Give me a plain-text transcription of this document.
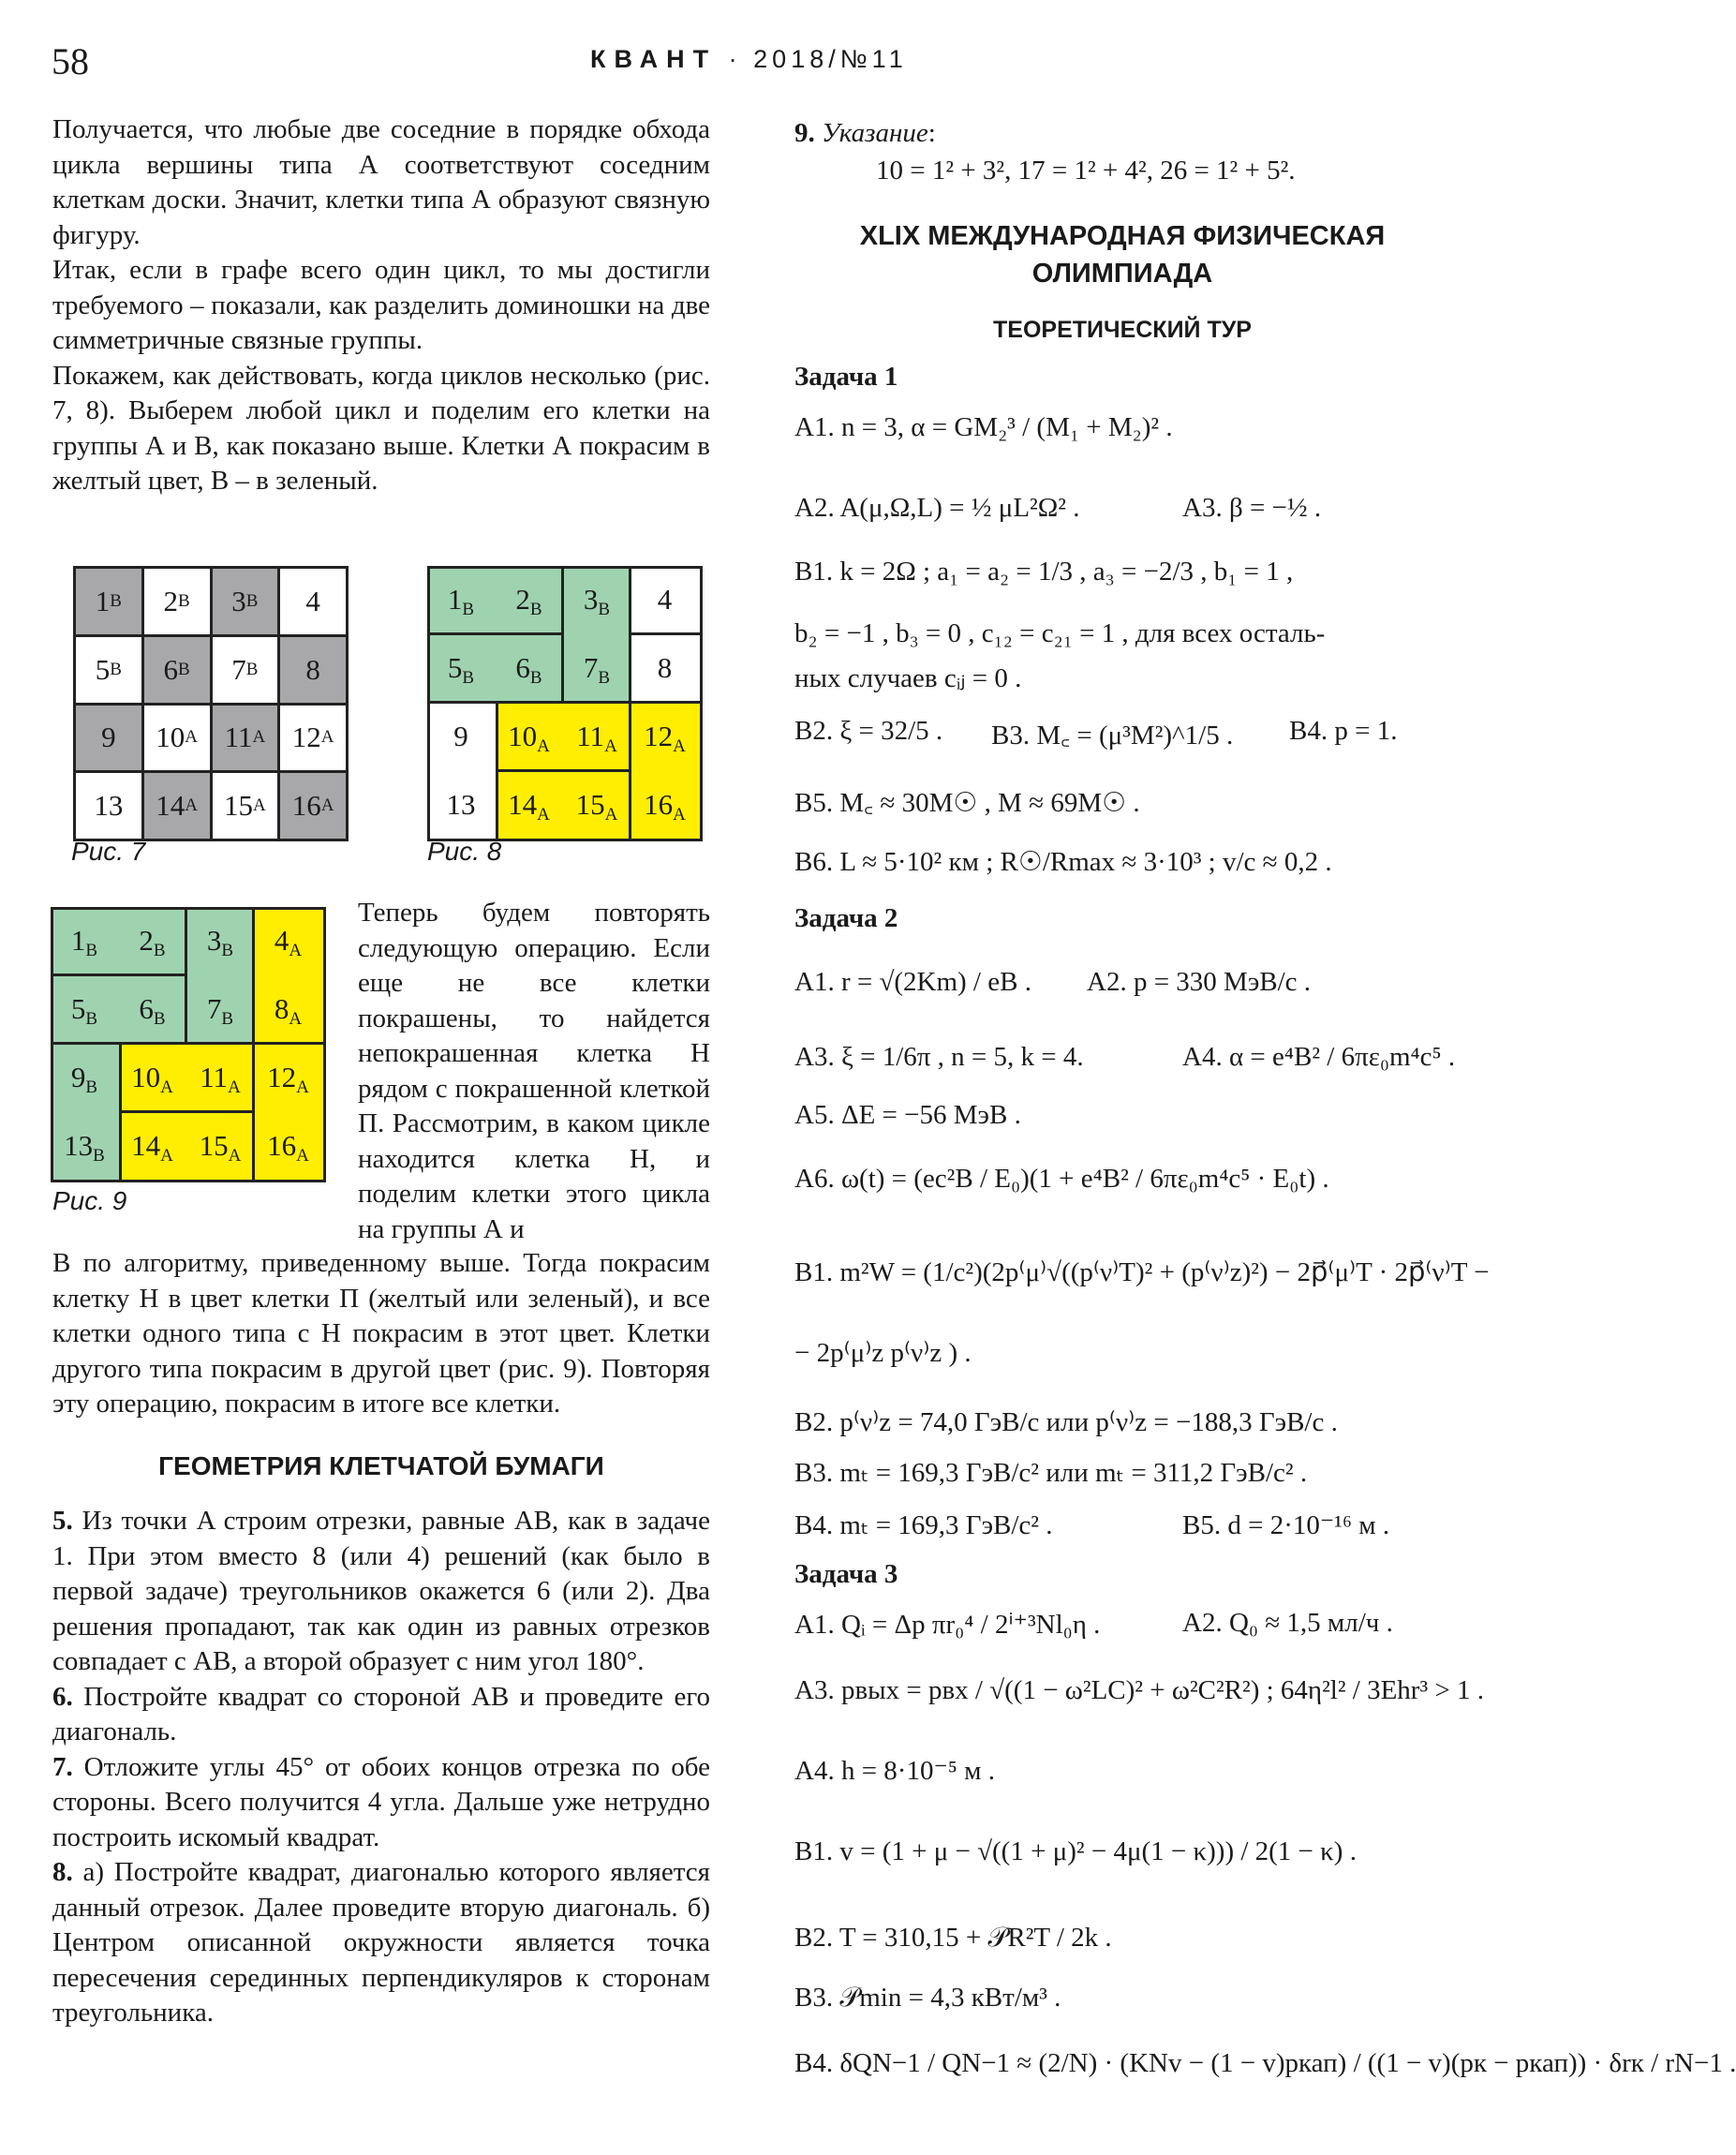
58	КВАНТ · 2018/№11

Получается, что любые две соседние в порядке обхода цикла вершины типа А соответствуют соседним клеткам доски. Значит, клетки типа А образуют связную фигуру.

Итак, если в графе всего один цикл, то мы достигли требуемого – показали, как разделить доминошки на две симметричные связные группы.

Покажем, как действовать, когда циклов несколько (рис. 7, 8). Выберем любой цикл и поделим его клетки на группы А и В, как показано выше. Клетки А покрасим в желтый цвет, В – в зеленый.

1 В	2 В	3 В	4
5 В	6 В	7 В	8
9	10 А 11 А 12 А
13	14 А 15 А 16 А
Рис. 7
$1_В$	$2_В$	$3_В$	4
$5_В$	$6_В$	$7_В$	8
9	$10_А$ $11_А$ $12_А$
13	$14_А$ $15_А$ $16_А$
Рис. 8
$1_В$	$2_В$	$3_В$	$4_А$
$5_В$	$6_В$	$7_В$	$8_А$
$9_В$	$10_А$ $11_А$ $12_А$
$13_В$ $14_А$ $15_А$ $16_А$
Рис. 9

Теперь будем повторять следующую операцию. Если еще не все клетки покрашены, то найдется непокрашенная клетка Н рядом с покрашенной клеткой П. Рассмотрим, в каком цикле находится клетка Н, и поделим клетки этого цикла на группы А и

В по алгоритму, приведенному выше. Тогда покрасим клетку Н в цвет клетки П (желтый или зеленый), и все клетки одного типа с Н покрасим в этот цвет. Клетки другого типа покрасим в другой цвет (рис. 9). Повторяя эту операцию, покрасим в итоге все клетки.

ГЕОМЕТРИЯ КЛЕТЧАТОЙ БУМАГИ

5. Из точки A строим отрезки, равные AB, как в задаче 1. При этом вместо 8 (или 4) решений (как было в первой задаче) треугольников окажется 6 (или 2). Два решения пропадают, так как один из равных отрезков совпадает с AB, а второй образует с ним угол 180°.

6. Постройте квадрат со стороной AB и проведите его диагональ.

7. Отложите углы 45° от обоих концов отрезка по обе стороны. Всего получится 4 угла. Дальше уже нетрудно построить искомый квадрат.

8. а) Постройте квадрат, диагональю которого является данный отрезок. Далее проведите вторую диагональ. б) Центром описанной окружности является точка пересечения серединных перпендикуляров к сторонам треугольника.

9. Указание:
10 = 1² + 3², 17 = 1² + 4², 26 = 1² + 5².
XLIX МЕЖДУНАРОДНАЯ ФИЗИЧЕСКАЯ
ОЛИМПИАДА
ТЕОРЕТИЧЕСКИЙ ТУР
Задача 1
A1. n = 3, α = GM₂³ / (M₁ + M₂)² .
A2. A(μ,Ω,L) = ½ μL²Ω² .	A3. β = −½ .
B1. k = 2Ω ; a₁ = a₂ = 1/3 , a₃ = −2/3 , b₁ = 1 ,
b₂ = −1 , b₃ = 0 , c₁₂ = c₂₁ = 1 , для всех осталь-
ных случаев cᵢⱼ = 0 .
B2. ξ = 32/5 . B3. M꜀ = (μ³M²)^1/5 . B4. p = 1.
B5. M꜀ ≈ 30M☉ , M ≈ 69M☉ .
B6. L ≈ 5·10² км ; R☉/Rmax ≈ 3·10³ ; v/c ≈ 0,2 .
Задача 2
A1. r = √(2Km) / eB . A2. p = 330 МэВ/c .
A3. ξ = 1/6π , n = 5, k = 4.	A4. α = e⁴B² / 6πε₀m⁴c⁵ .
A5. ΔE = −56 МэВ .
A6. ω(t) = (ec²B / E₀)(1 + e⁴B² / 6πε₀m⁴c⁵ · E₀t) .
B1. m²W = (1/c²)(2p⁽μ⁾√((p⁽ν⁾T)² + (p⁽ν⁾z)²) − 2p⃗⁽μ⁾T · 2p⃗⁽ν⁾T −
− 2p⁽μ⁾z p⁽ν⁾z ) .
B2. p⁽ν⁾z = 74,0 ГэВ/c или p⁽ν⁾z = −188,3 ГэВ/c .
B3. mₜ = 169,3 ГэВ/c² или mₜ = 311,2 ГэВ/c² .
B4. mₜ = 169,3 ГэВ/c² .	B5. d = 2·10⁻¹⁶ м .
Задача 3
A1. Qᵢ = Δp πr₀⁴ / 2ⁱ⁺³Nl₀η .	A2. Q₀ ≈ 1,5 мл/ч .
A3. pвых = pвх / √((1 − ω²LC)² + ω²C²R²) ; 64η²l² / 3Ehr³ > 1 .
A4. h = 8·10⁻⁵ м .
B1. v = (1 + μ − √((1 + μ)² − 4μ(1 − κ))) / 2(1 − κ) .
B2. T = 310,15 + 𝒫R²T / 2k .
B3. 𝒫min = 4,3 кВт/м³ .
B4. δQN−1 / QN−1 ≈ (2/N) · (KNv − (1 − v)pкап) / ((1 − v)(pк − pкап)) · δrк / rN−1 .
